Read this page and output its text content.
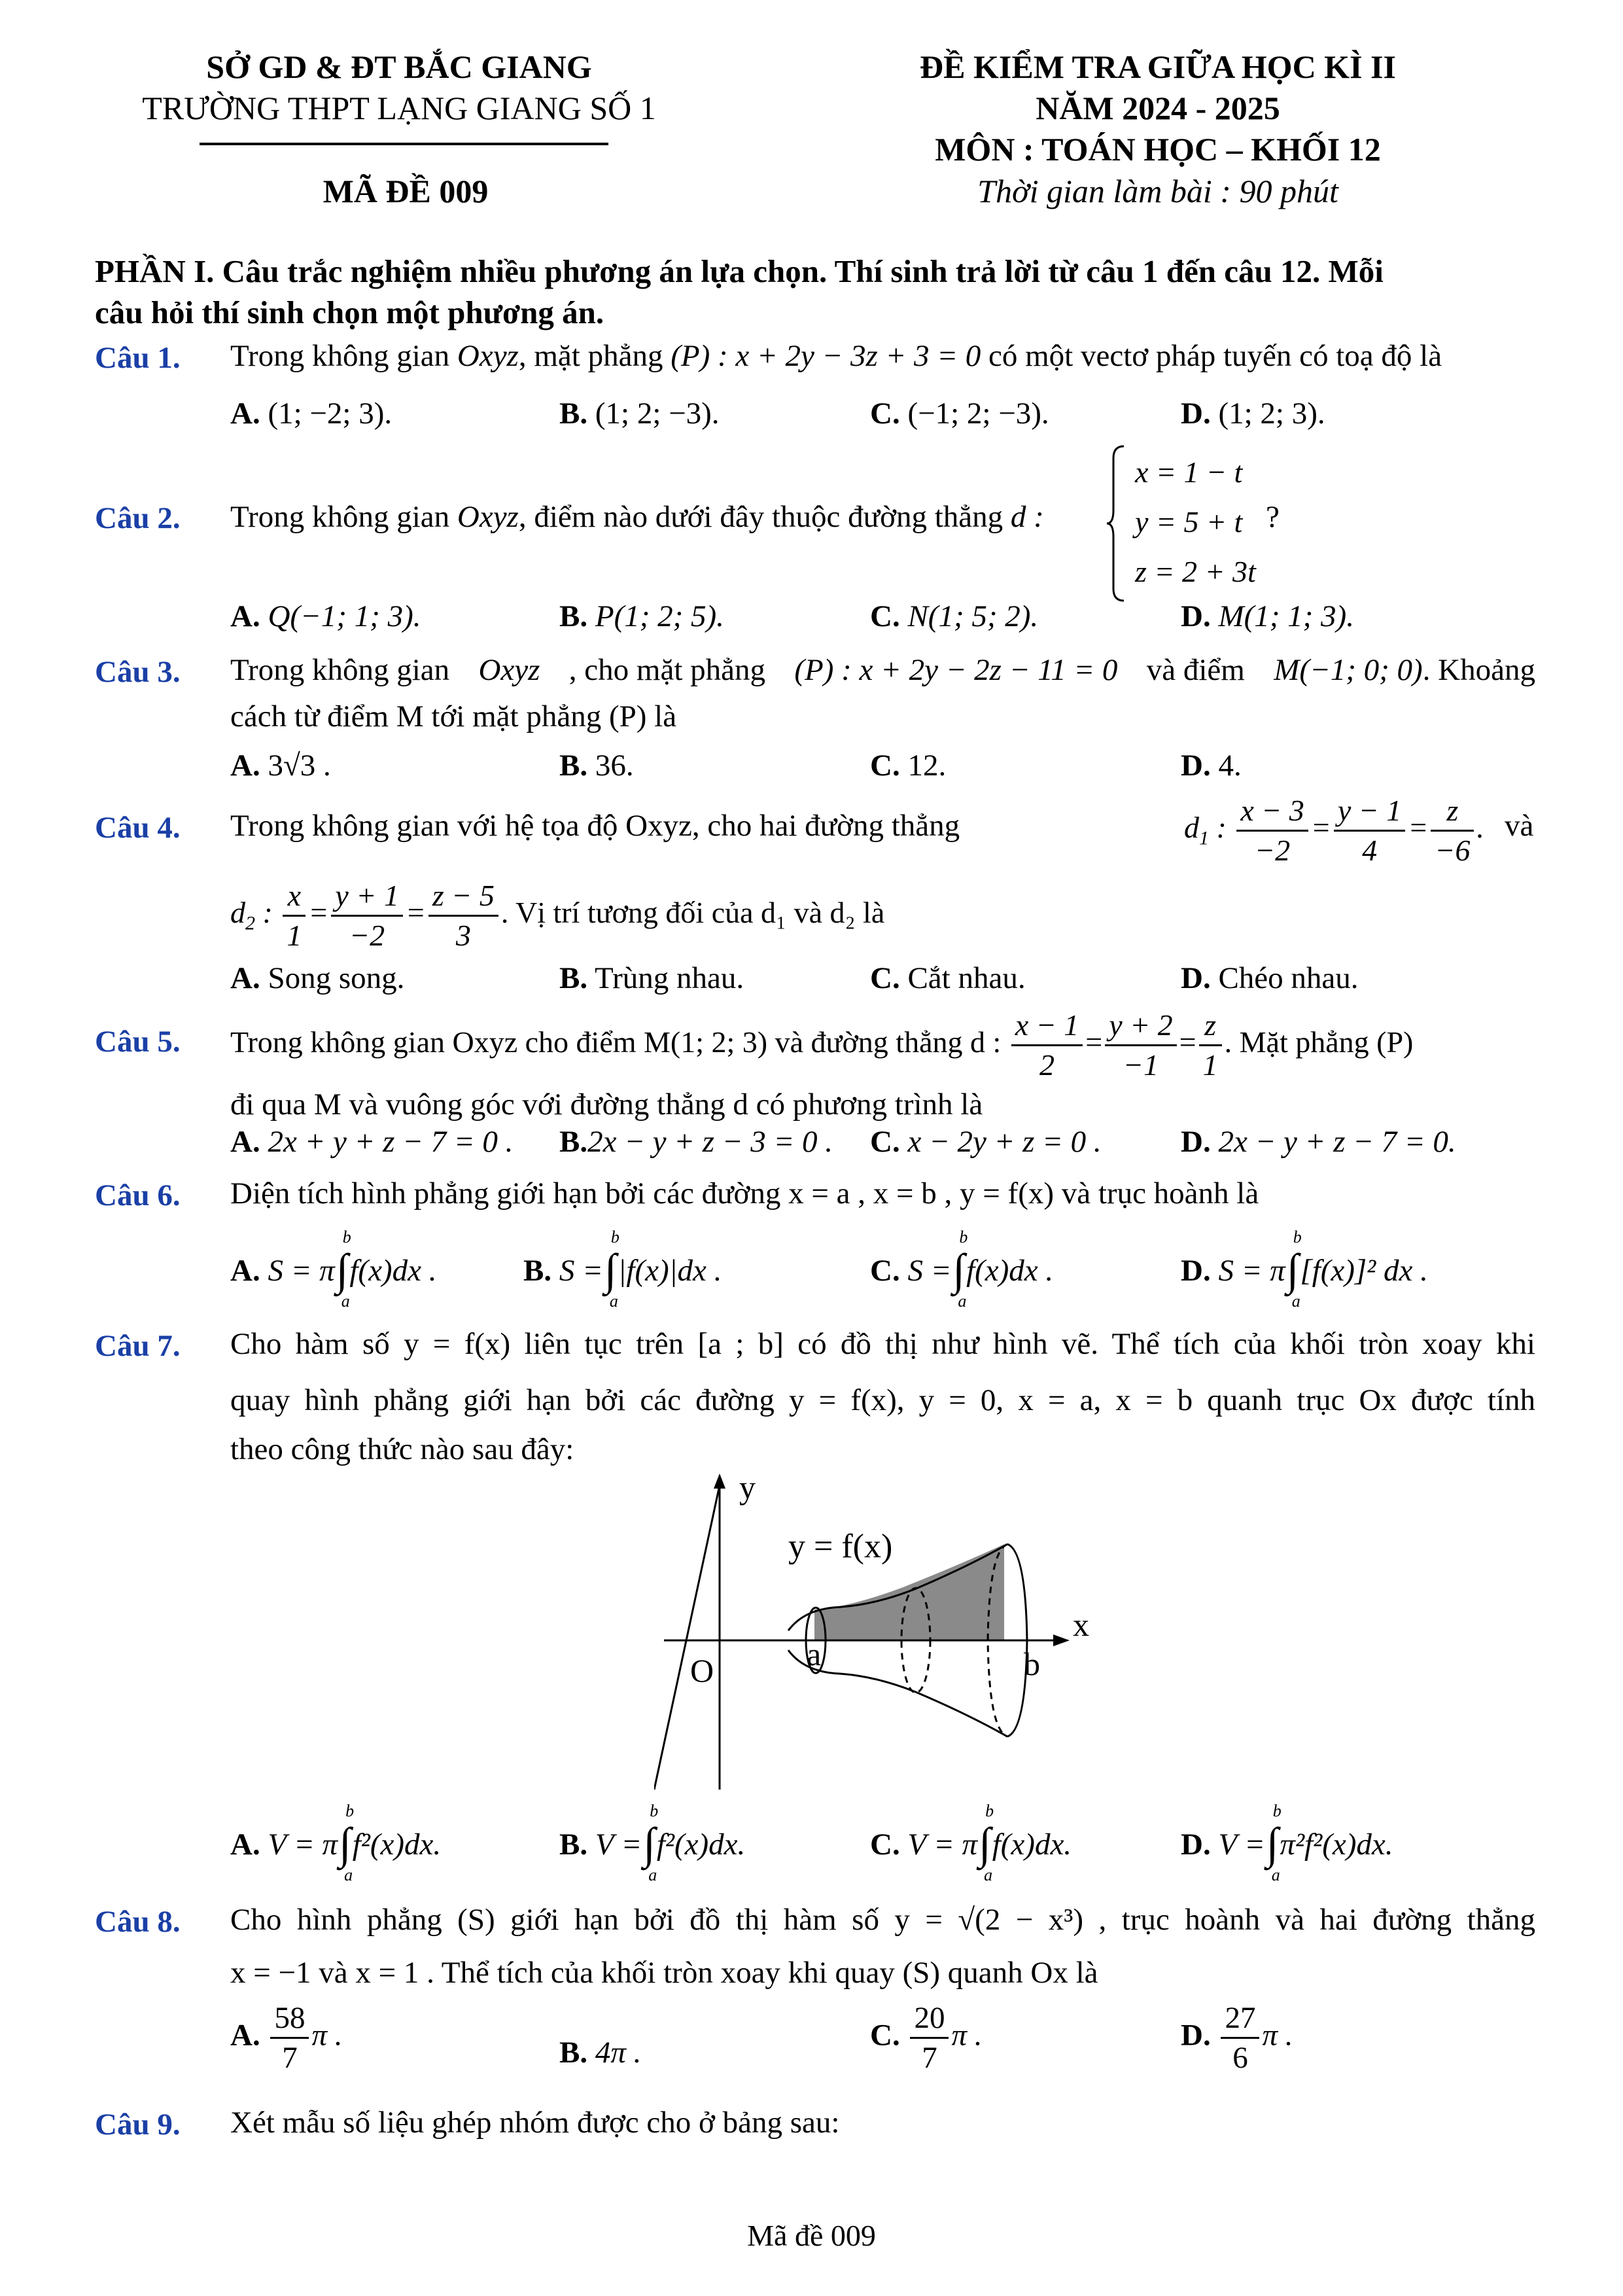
SỞ GD & ĐT BẮC GIANG
TRƯỜNG THPT LẠNG GIANG SỐ 1
MÃ ĐỀ 009
ĐỀ KIỂM TRA GIỮA HỌC KÌ II
NĂM 2024 - 2025
MÔN : TOÁN HỌC – KHỐI 12
Thời gian làm bài : 90 phút
PHẦN I. Câu trắc nghiệm nhiều phương án lựa chọn. Thí sinh trả lời từ câu 1 đến câu 12. Mỗi
câu hỏi thí sinh chọn một phương án.
Câu 1. Trong không gian Oxyz, mặt phẳng (P) : x + 2y − 3z + 3 = 0 có một vectơ pháp tuyến có toạ độ là
A. (1; −2; 3).	B. (1; 2; −3).	C. (−1; 2; −3).	D. (1; 2; 3).
Câu 2. Trong không gian Oxyz, điểm nào dưới đây thuộc đường thẳng d :
x = 1 − t
y = 5 + t
z = 2 + 3t
?
A. Q(−1; 1; 3).	B. P(1; 2; 5).	C. N(1; 5; 2).	D. M(1; 1; 3).
Câu 3. Trong không gian Oxyz , cho mặt phẳng (P) : x + 2y − 2z − 11 = 0 và điểm M(−1; 0; 0). Khoảng
cách từ điểm M tới mặt phẳng (P) là
A. 3√3 .	B. 36.	C. 12.	D. 4.
Câu 4. Trong không gian với hệ tọa độ Oxyz, cho hai đường thẳng	$d_1$ : $\frac{x - 3}{-2} = \frac{y - 1}{4} = \frac{z}{-6}$ . và
$d_2$ : $\frac{x}{1} = \frac{y + 1}{-2} = \frac{z - 5}{3}$ . Vị trí tương đối của d₁ và d₂ là
A. Song song.	B. Trùng nhau.	C. Cắt nhau.	D. Chéo nhau.
Câu 5. Trong không gian Oxyz cho điểm M(1; 2; 3) và đường thẳng d : $\frac{x - 1}{2} = \frac{y + 2}{-1} = \frac{z}{1}$ . Mặt phẳng (P)
đi qua M và vuông góc với đường thẳng d có phương trình là
A. 2x + y + z − 7 = 0 . B.2x − y + z − 3 = 0 . C. x − 2y + z = 0 .	D. 2x − y + z − 7 = 0.
Câu 6. Diện tích hình phẳng giới hạn bởi các đường x = a , x = b , y = f(x) và trục hoành là
A. S = π∫
b
a
f(x)dx .	B. S =∫
b
a
|f(x)|dx .	C. S =∫
b
a
f(x)dx .	D. S = π∫
b
a
[f(x)]² dx .
Câu 7. Cho hàm số y = f(x) liên tục trên [a ; b] có đồ thị như hình vẽ. Thể tích của khối tròn xoay khi
quay hình phẳng giới hạn bởi các đường y = f(x), y = 0, x = a, x = b quanh trục Ox được tính
theo công thức nào sau đây:
y
x
O	a	b
y = f(x)
A. V = π∫
b
a
f²(x)dx.	B. V =∫
b
a
f²(x)dx.	C. V = π∫
b
a
f(x)dx.	D. V =∫
b
a
π²f²(x)dx.
Câu 8. Cho hình phẳng (S) giới hạn bởi đồ thị hàm số y = √(2 − x³) , trục hoành và hai đường thẳng
x = −1 và x = 1 . Thể tích của khối tròn xoay khi quay (S) quanh Ox là
A. $\frac{58}{7}$ π .
B. 4π .
C. $\frac{20}{7}$ π .	D. $\frac{27}{6}$ π .
Câu 9. Xét mẫu số liệu ghép nhóm được cho ở bảng sau:
Mã đề 009
